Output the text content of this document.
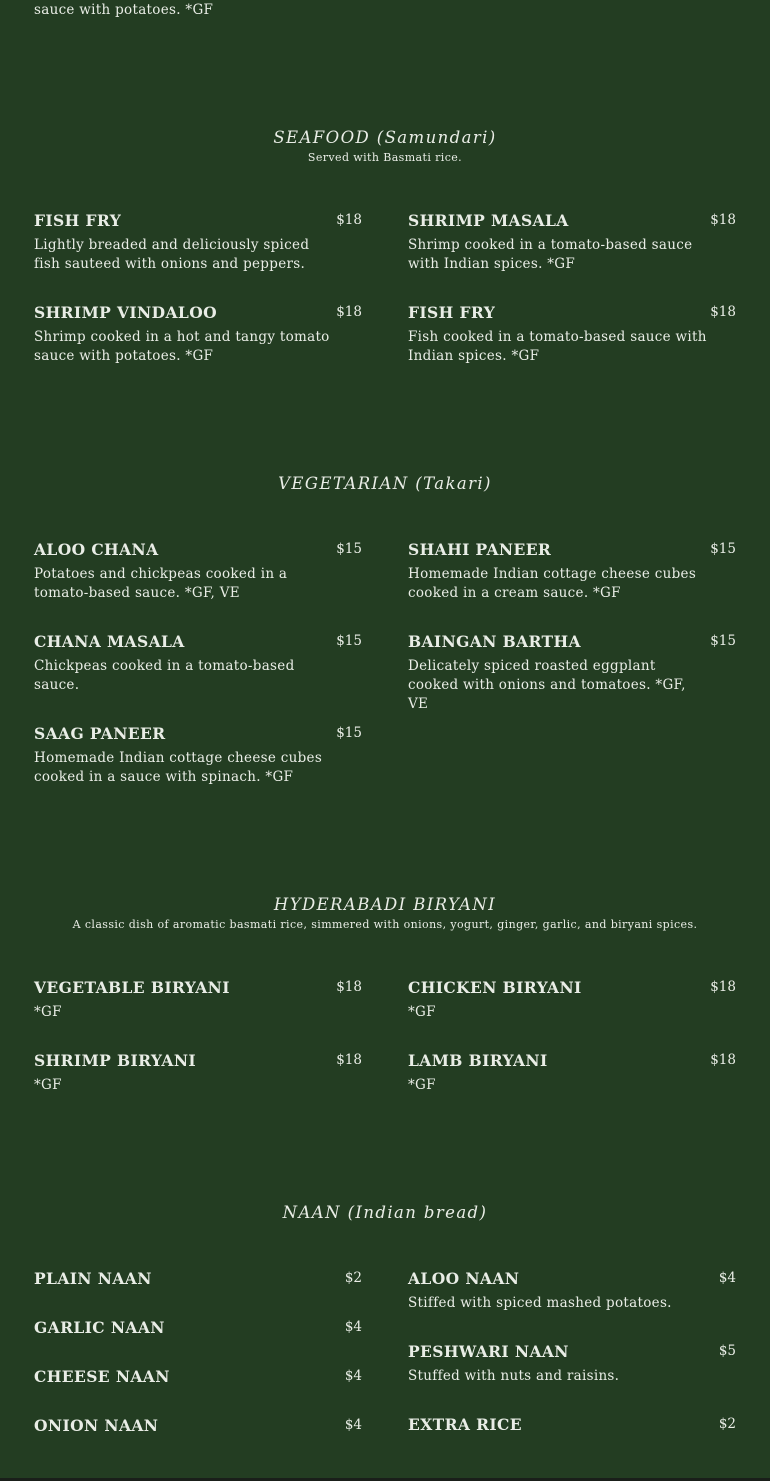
sauce with potatoes. *GF
SEAFOOD (Samundari)
Served with Basmati rice.
FISH FRY	$18
Lightly breaded and deliciously spiced fish sauteed with onions and peppers.
SHRIMP MASALA	$18
Shrimp cooked in a tomato-based sauce with Indian spices. *GF
SHRIMP VINDALOO	$18
Shrimp cooked in a hot and tangy tomato sauce with potatoes. *GF
FISH FRY	$18
Fish cooked in a tomato-based sauce with Indian spices. *GF
VEGETARIAN (Takari)
ALOO CHANA	$15
Potatoes and chickpeas cooked in a tomato-based sauce. *GF, VE
SHAHI PANEER	$15
Homemade Indian cottage cheese cubes cooked in a cream sauce. *GF
CHANA MASALA	$15
Chickpeas cooked in a tomato-based sauce.
BAINGAN BARTHA	$15
Delicately spiced roasted eggplant cooked with onions and tomatoes. *GF, VE
SAAG PANEER	$15
Homemade Indian cottage cheese cubes cooked in a sauce with spinach. *GF
HYDERABADI BIRYANI
A classic dish of aromatic basmati rice, simmered with onions, yogurt, ginger, garlic, and biryani spices.
VEGETABLE BIRYANI	$18
*GF
CHICKEN BIRYANI	$18
*GF
SHRIMP BIRYANI	$18
*GF
LAMB BIRYANI	$18
*GF
NAAN (Indian bread)
PLAIN NAAN	$2	ALOO NAAN	$4
Stiffed with spiced mashed potatoes.
GARLIC NAAN	$4
CHEESE NAAN	$4
PESHWARI NAAN	$5
Stuffed with nuts and raisins.
ONION NAAN	$4	EXTRA RICE	$2
